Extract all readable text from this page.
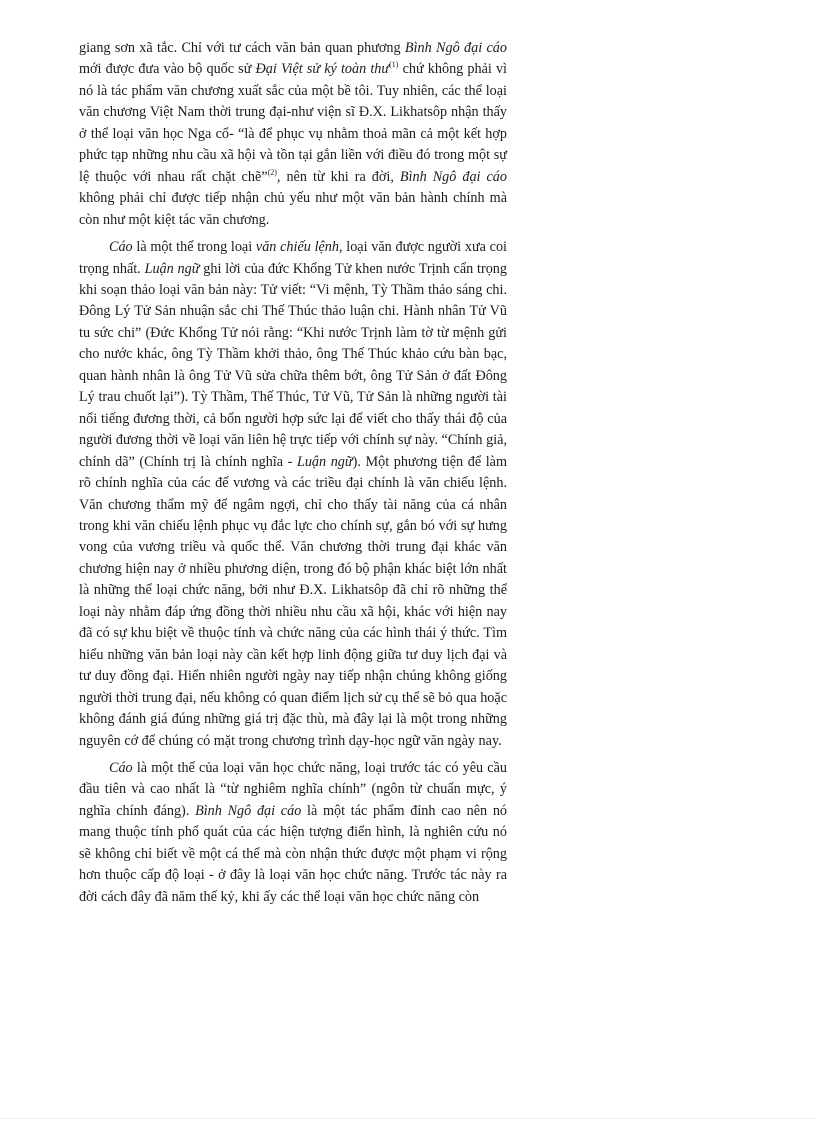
giang sơn xã tắc. Chỉ với tư cách văn bản quan phương Bình Ngô đại cáo mới được đưa vào bộ quốc sử Đại Việt sử ký toàn thư$^{(1)}$ chứ không phải vì nó là tác phẩm văn chương xuất sắc của một bề tôi. Tuy nhiên, các thể loại văn chương Việt Nam thời trung đại-như viện sĩ Đ.X. Likhatsôp nhận thấy ở thể loại văn học Nga cổ- “là để phục vụ nhằm thoả mãn cả một kết hợp phức tạp những nhu cầu xã hội và tồn tại gắn liền với điều đó trong một sự lệ thuộc với nhau rất chặt chẽ”$^{(2)}$, nên từ khi ra đời, Bình Ngô đại cáo không phải chỉ được tiếp nhận chủ yếu như một văn bản hành chính mà còn như một kiệt tác văn chương.

Cáo là một thể trong loại văn chiếu lệnh, loại văn được người xưa coi trọng nhất. Luận ngữ ghi lời của đức Khổng Tử khen nước Trịnh cẩn trọng khi soạn thảo loại văn bản này: Tử viết: “Vi mệnh, Tỳ Thầm thảo sáng chi. Đông Lý Tử Sản nhuận sắc chi Thế Thúc thảo luận chi. Hành nhân Tử Vũ tu sức chi” (Đức Khổng Tử nói rằng: “Khi nước Trịnh làm tờ từ mệnh gửi cho nước khác, ông Tỳ Thầm khởi thảo, ông Thế Thúc khảo cứu bàn bạc, quan hành nhân là ông Tử Vũ sửa chữa thêm bớt, ông Tử Sản ở đất Đông Lý trau chuốt lại”). Tỳ Thầm, Thế Thúc, Tử Vũ, Tử Sản là những người tài nổi tiếng đương thời, cả bốn người hợp sức lại để viết cho thấy thái độ của người đương thời về loại văn liên hệ trực tiếp với chính sự này. “Chính giả, chính dã” (Chính trị là chính nghĩa - Luận ngữ). Một phương tiện để làm rõ chính nghĩa của các đế vương và các triều đại chính là văn chiếu lệnh. Văn chương thẩm mỹ để ngâm ngợi, chỉ cho thấy tài năng của cá nhân trong khi văn chiếu lệnh phục vụ đắc lực cho chính sự, gắn bó với sự hưng vong của vương triều và quốc thể. Văn chương thời trung đại khác văn chương hiện nay ở nhiều phương diện, trong đó bộ phận khác biệt lớn nhất là những thể loại chức năng, bởi như Đ.X. Likhatsôp đã chỉ rõ những thể loại này nhằm đáp ứng đồng thời nhiều nhu cầu xã hội, khác với hiện nay đã có sự khu biệt về thuộc tính và chức năng của các hình thái ý thức. Tìm hiểu những văn bản loại này cần kết hợp linh động giữa tư duy lịch đại và tư duy đồng đại. Hiển nhiên người ngày nay tiếp nhận chúng không giống người thời trung đại, nếu không có quan điểm lịch sử cụ thể sẽ bỏ qua hoặc không đánh giá đúng những giá trị đặc thù, mà đây lại là một trong những nguyên cớ để chúng có mặt trong chương trình dạy-học ngữ văn ngày nay.

Cáo là một thể của loại văn học chức năng, loại trước tác có yêu cầu đầu tiên và cao nhất là “từ nghiêm nghĩa chính” (ngôn từ chuẩn mực, ý nghĩa chính đáng). Bình Ngô đại cáo là một tác phẩm đỉnh cao nên nó mang thuộc tính phổ quát của các hiện tượng điển hình, là nghiên cứu nó sẽ không chỉ biết về một cá thể mà còn nhận thức được một phạm vi rộng hơn thuộc cấp độ loại - ở đây là loại văn học chức năng. Trước tác này ra đời cách đây đã năm thế kỷ, khi ấy các thể loại văn học chức năng còn
